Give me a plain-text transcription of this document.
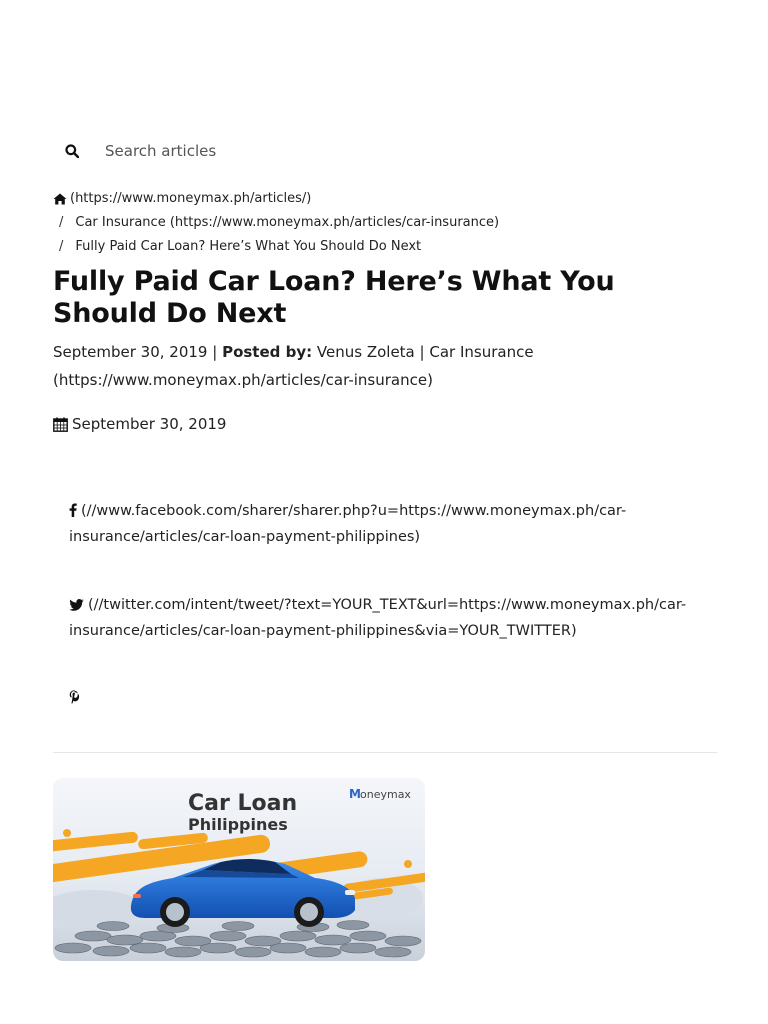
Search articles
(https://www.moneymax.ph/articles/)
/ Car Insurance (https://www.moneymax.ph/articles/car-insurance)
/ Fully Paid Car Loan? Here’s What You Should Do Next
Fully Paid Car Loan? Here’s What You Should Do Next
September 30, 2019 | Posted by: Venus Zoleta | Car Insurance (https://www.moneymax.ph/articles/car-insurance)
September 30, 2019
(//www.facebook.com/sharer/sharer.php?u=https://www.moneymax.ph/car-insurance/articles/car-loan-payment-philippines)
(//twitter.com/intent/tweet/?text=YOUR_TEXT&url=https://www.moneymax.ph/car-insurance/articles/car-loan-payment-philippines&via=YOUR_TWITTER)
Car Loan
Philippines
M oneymax
